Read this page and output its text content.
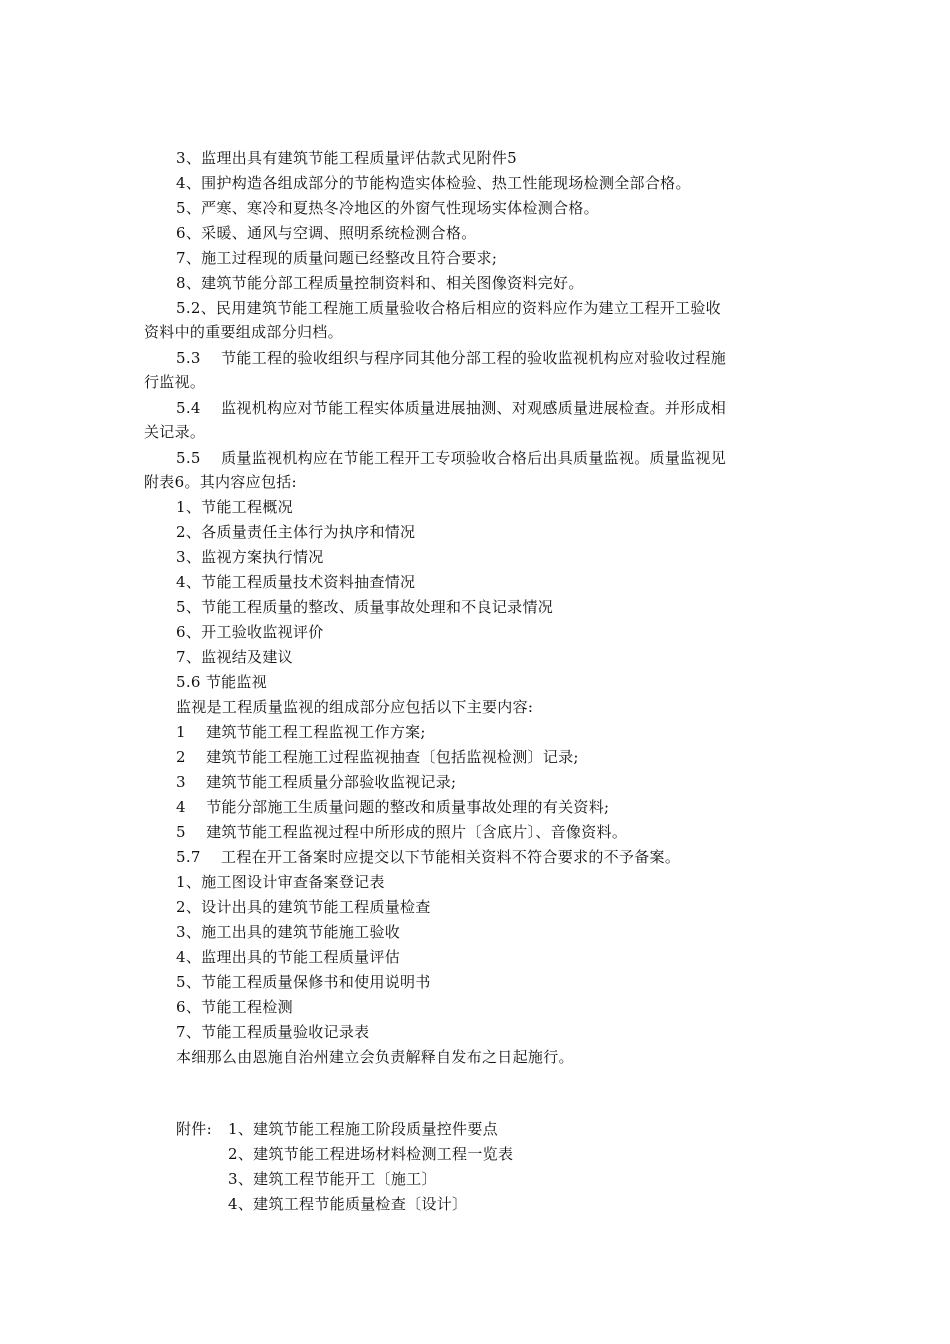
3、监理出具有建筑节能工程质量评估款式见附件5
4、围护构造各组成部分的节能构造实体检验、热工性能现场检测全部合格。
5、严寒、寒冷和夏热冬冷地区的外窗气性现场实体检测合格。
6、采暖、通风与空调、照明系统检测合格。
7、施工过程现的质量问题已经整改且符合要求;
8、建筑节能分部工程质量控制资料和、相关图像资料完好。
5.2、民用建筑节能工程施工质量验收合格后相应的资料应作为建立工程开工验收
资料中的重要组成部分归档。
5.3　 节能工程的验收组织与程序同其他分部工程的验收监视机构应对验收过程施
行监视。
5.4　 监视机构应对节能工程实体质量进展抽测、对观感质量进展检查。并形成相
关记录。
5.5　 质量监视机构应在节能工程开工专项验收合格后出具质量监视。质量监视见
附表6。其内容应包括:
1、节能工程概况
2、各质量责任主体行为执序和情况
3、监视方案执行情况
4、节能工程质量技术资料抽查情况
5、节能工程质量的整改、质量事故处理和不良记录情况
6、开工验收监视评价
7、监视结及建议
5.6 节能监视
监视是工程质量监视的组成部分应包括以下主要内容:
1　 建筑节能工程工程监视工作方案;
2　 建筑节能工程施工过程监视抽查〔包括监视检测〕记录;
3　 建筑节能工程质量分部验收监视记录;
4　 节能分部施工生质量问题的整改和质量事故处理的有关资料;
5　 建筑节能工程监视过程中所形成的照片〔含底片〕、音像资料。
5.7　 工程在开工备案时应提交以下节能相关资料不符合要求的不予备案。
1、施工图设计审查备案登记表
2、设计出具的建筑节能工程质量检查
3、施工出具的建筑节能施工验收
4、监理出具的节能工程质量评估
5、节能工程质量保修书和使用说明书
6、节能工程检测
7、节能工程质量验收记录表
本细那么由恩施自治州建立会负责解释自发布之日起施行。
附件: 1、建筑节能工程施工阶段质量控件要点
2、建筑节能工程进场材料检测工程一览表
3、建筑工程节能开工〔施工〕
4、建筑工程节能质量检查〔设计〕
